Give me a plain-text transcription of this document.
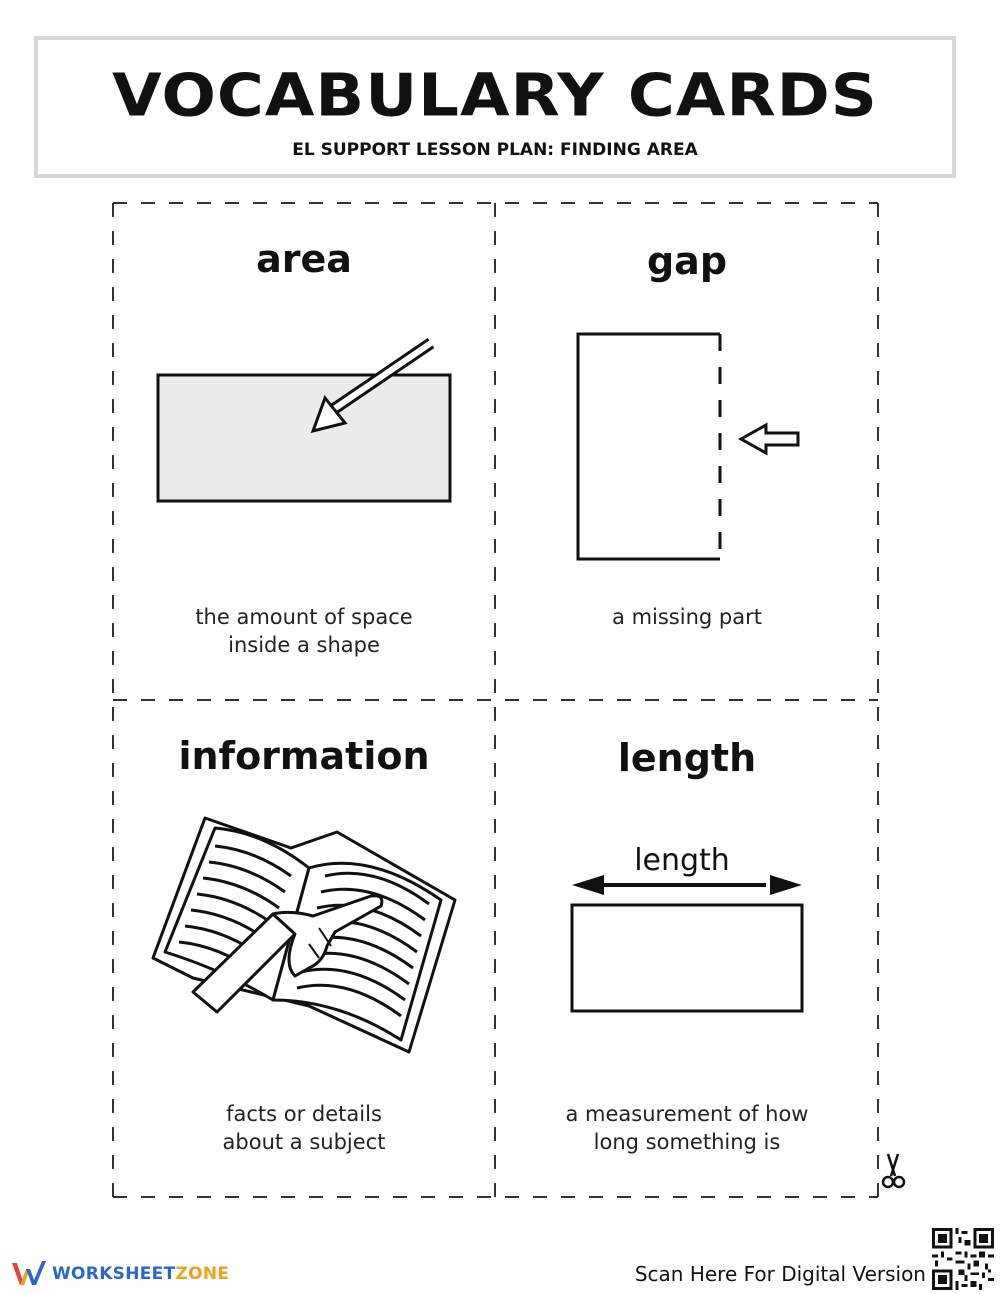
VOCABULARY CARDS
EL SUPPORT LESSON PLAN: FINDING AREA
area
the amount of space
inside a shape
gap
a missing part
information
facts or details
about a subject
length
length
a measurement of how
long something is
WORKSHEETZONE	Scan Here For Digital Version
